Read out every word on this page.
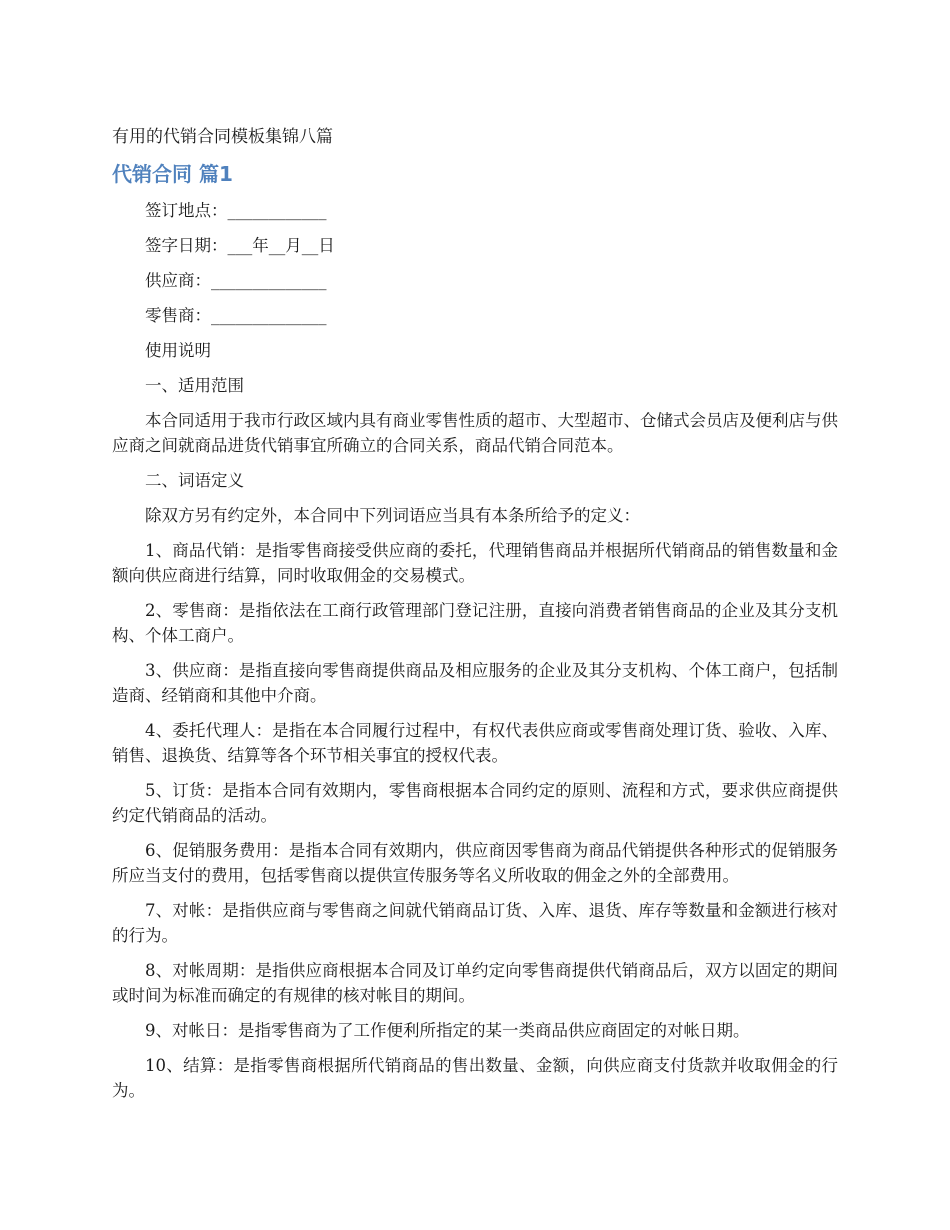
有用的代销合同模板集锦八篇
代销合同 篇1

签订地点：____________

签字日期：___年__月__日

供应商：______________

零售商：______________

使用说明

一、适用范围

本合同适用于我市行政区域内具有商业零售性质的超市、大型超市、仓储式会员店及便利店与供应商之间就商品进货代销事宜所确立的合同关系，商品代销合同范本。

二、词语定义

除双方另有约定外，本合同中下列词语应当具有本条所给予的定义：

1、商品代销：是指零售商接受供应商的委托，代理销售商品并根据所代销商品的销售数量和金额向供应商进行结算，同时收取佣金的交易模式。

2、零售商：是指依法在工商行政管理部门登记注册，直接向消费者销售商品的企业及其分支机构、个体工商户。

3、供应商：是指直接向零售商提供商品及相应服务的企业及其分支机构、个体工商户，包括制造商、经销商和其他中介商。

4、委托代理人：是指在本合同履行过程中，有权代表供应商或零售商处理订货、验收、入库、销售、退换货、结算等各个环节相关事宜的授权代表。

5、订货：是指本合同有效期内，零售商根据本合同约定的原则、流程和方式，要求供应商提供约定代销商品的活动。

6、促销服务费用：是指本合同有效期内，供应商因零售商为商品代销提供各种形式的促销服务所应当支付的费用，包括零售商以提供宣传服务等名义所收取的佣金之外的全部费用。

7、对帐：是指供应商与零售商之间就代销商品订货、入库、退货、库存等数量和金额进行核对的行为。

8、对帐周期：是指供应商根据本合同及订单约定向零售商提供代销商品后，双方以固定的期间或时间为标准而确定的有规律的核对帐目的期间。

9、对帐日：是指零售商为了工作便利所指定的某一类商品供应商固定的对帐日期。

10、结算：是指零售商根据所代销商品的售出数量、金额，向供应商支付货款并收取佣金的行为。
